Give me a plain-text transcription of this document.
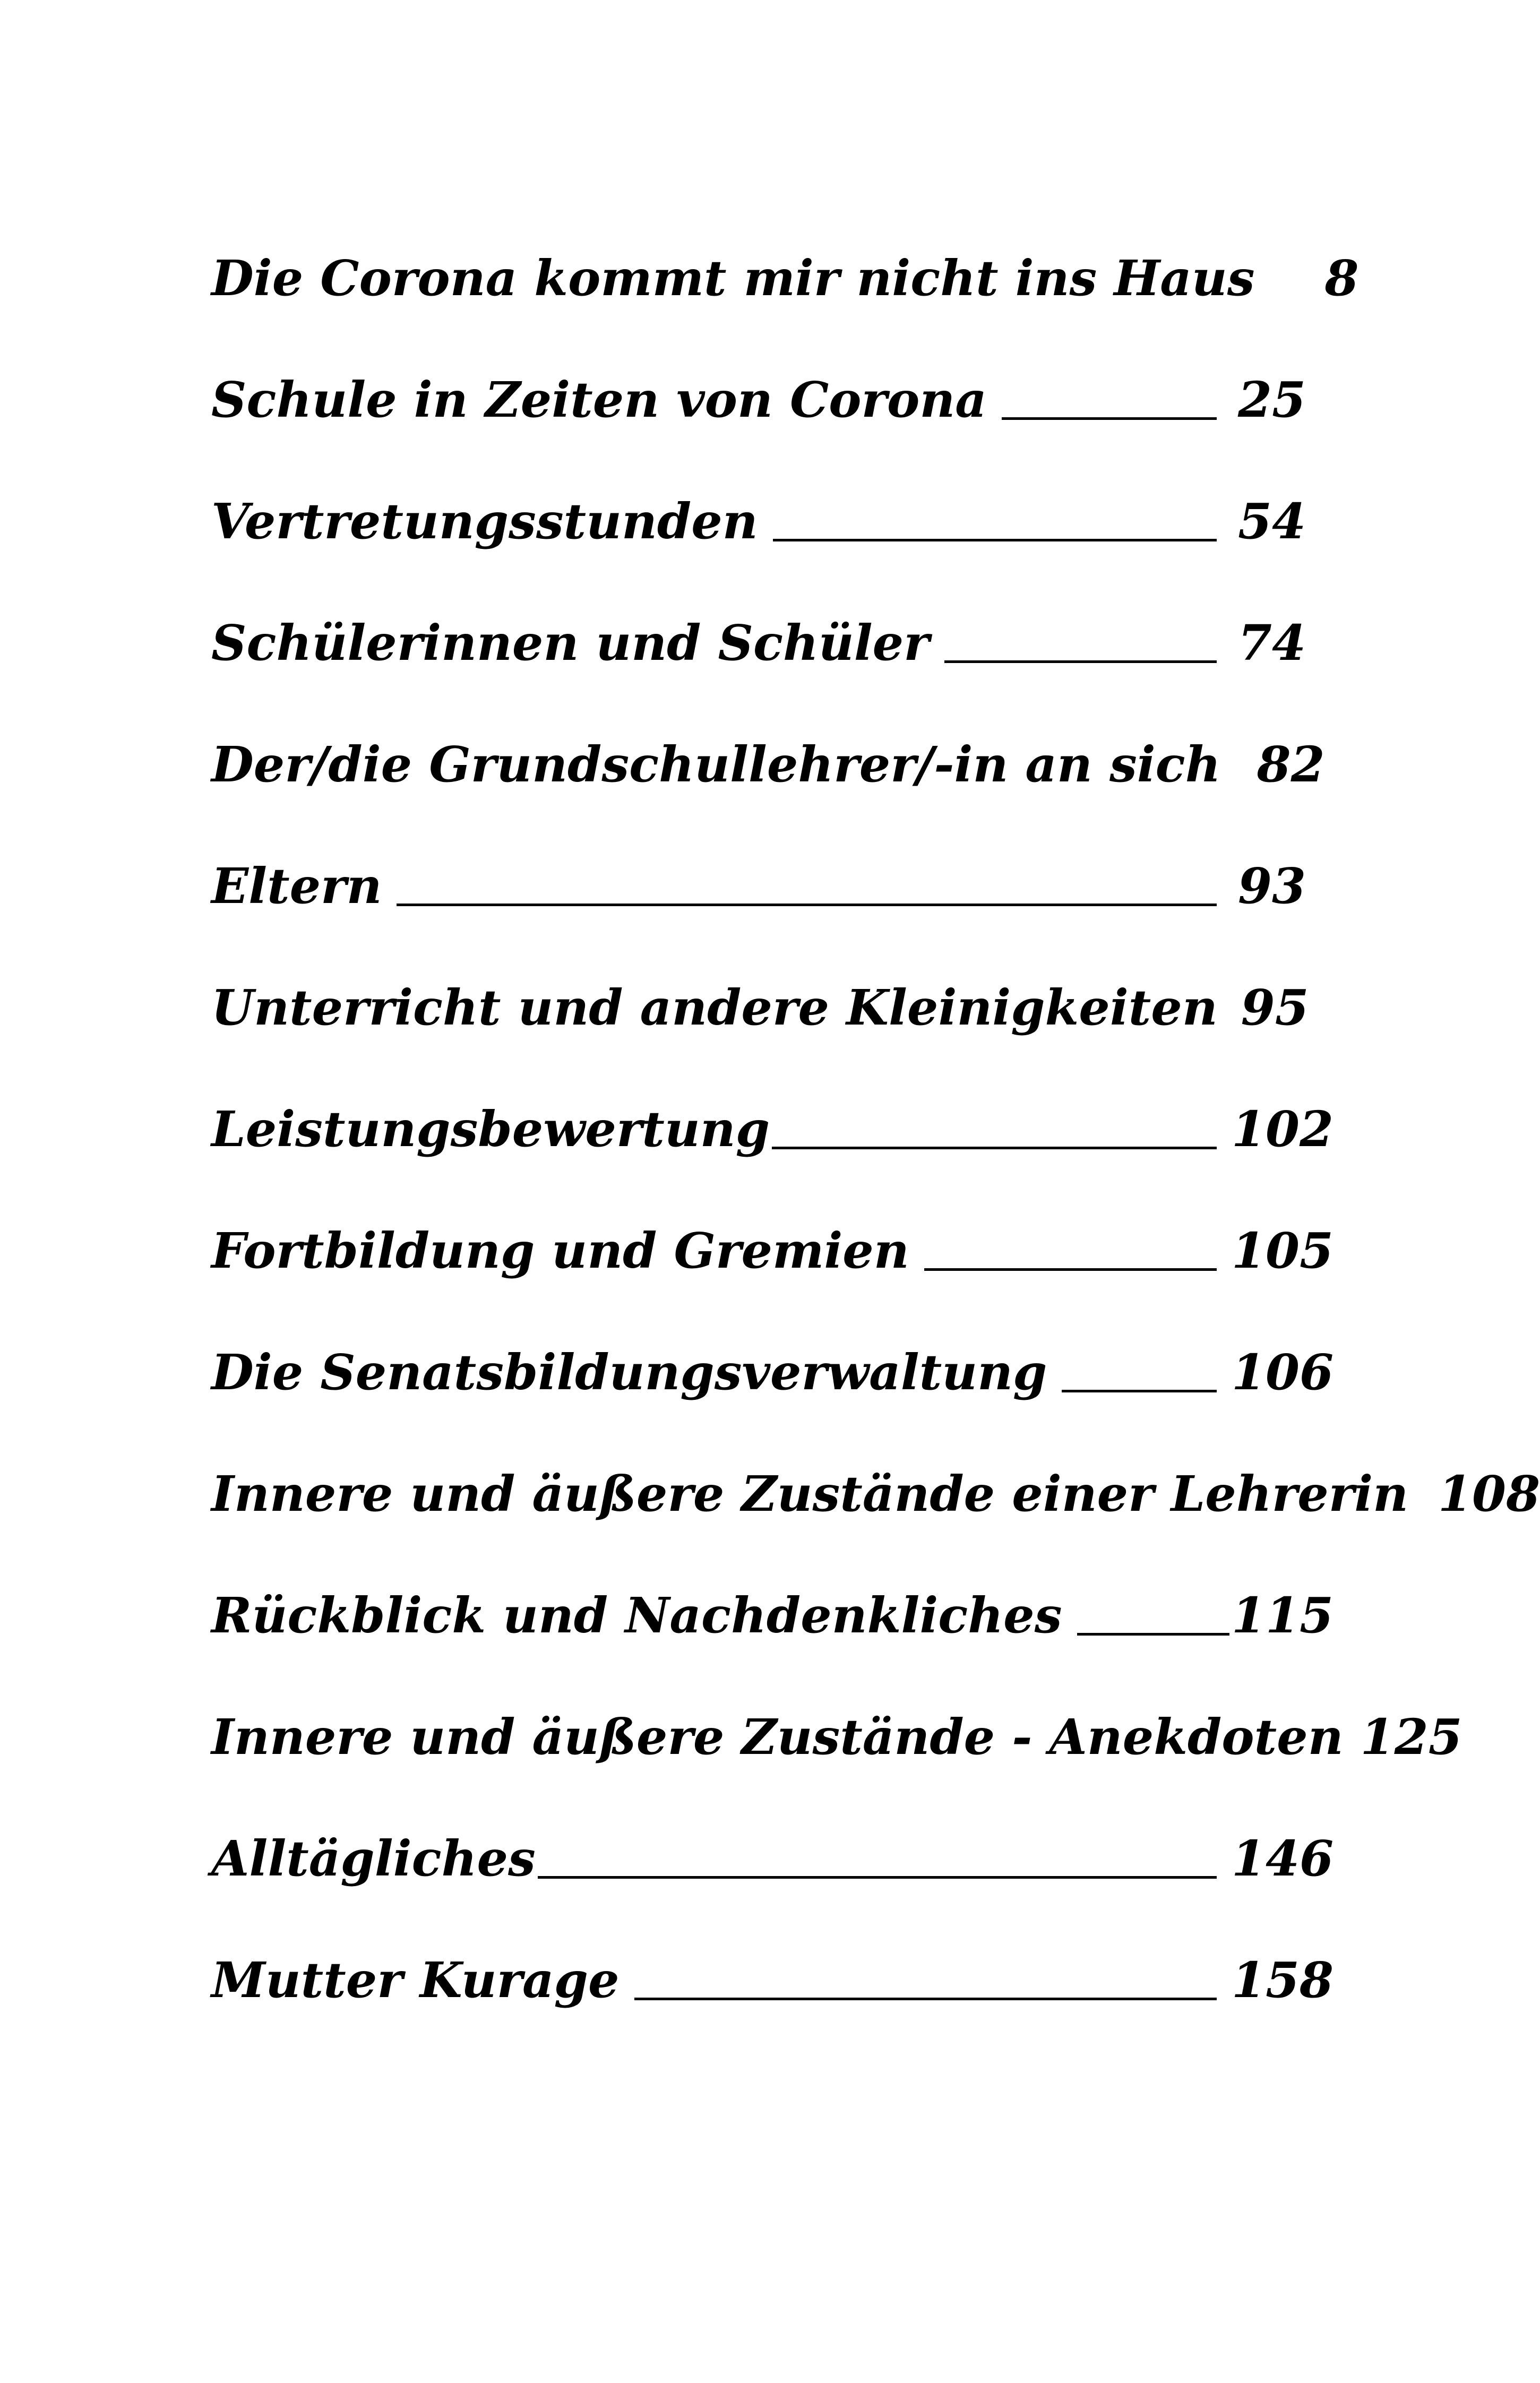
Die Corona kommt mir nicht ins Haus	8
Schule in Zeiten von Corona	25
Vertretungsstunden	54
Schülerinnen und Schüler	74
Der/die Grundschullehrer/-in an sich 82
Eltern	93
Unterricht und andere Kleinigkeiten 95
Leistungsbewertung	102
Fortbildung und Gremien	105
Die Senatsbildungsverwaltung	106
Innere und äußere Zustände einer Lehrerin 108
Rückblick und Nachdenkliches	115
Innere und äußere Zustände - Anekdoten 125
Alltägliches	146
Mutter Kurage	158
